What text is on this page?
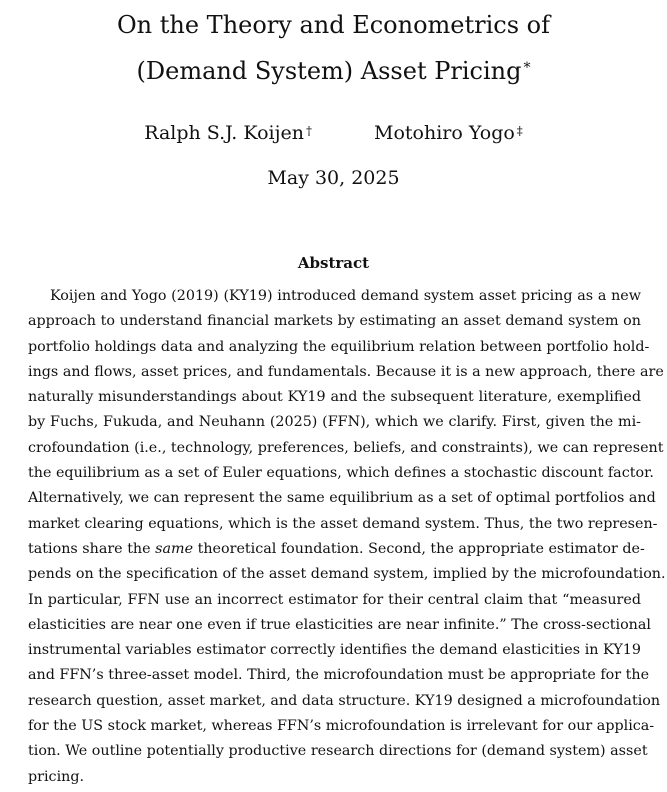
On the Theory and Econometrics of
(Demand System) Asset Pricing *
Ralph S.J. Koijen †	Motohiro Yogo ‡
May 30, 2025
Abstract
Koijen and Yogo (2019) (KY19) introduced demand system asset pricing as a new
approach to understand financial markets by estimating an asset demand system on
portfolio holdings data and analyzing the equilibrium relation between portfolio hold-
ings and flows, asset prices, and fundamentals. Because it is a new approach, there are
naturally misunderstandings about KY19 and the subsequent literature, exemplified
by Fuchs, Fukuda, and Neuhann (2025) (FFN), which we clarify. First, given the mi-
crofoundation (i.e., technology, preferences, beliefs, and constraints), we can represent
the equilibrium as a set of Euler equations, which defines a stochastic discount factor.
Alternatively, we can represent the same equilibrium as a set of optimal portfolios and
market clearing equations, which is the asset demand system. Thus, the two represen-
tations share the same theoretical foundation. Second, the appropriate estimator de-
pends on the specification of the asset demand system, implied by the microfoundation.
In particular, FFN use an incorrect estimator for their central claim that “measured
elasticities are near one even if true elasticities are near infinite.” The cross-sectional
instrumental variables estimator correctly identifies the demand elasticities in KY19
and FFN’s three-asset model. Third, the microfoundation must be appropriate for the
research question, asset market, and data structure. KY19 designed a microfoundation
for the US stock market, whereas FFN’s microfoundation is irrelevant for our applica-
tion. We outline potentially productive research directions for (demand system) asset
pricing.
